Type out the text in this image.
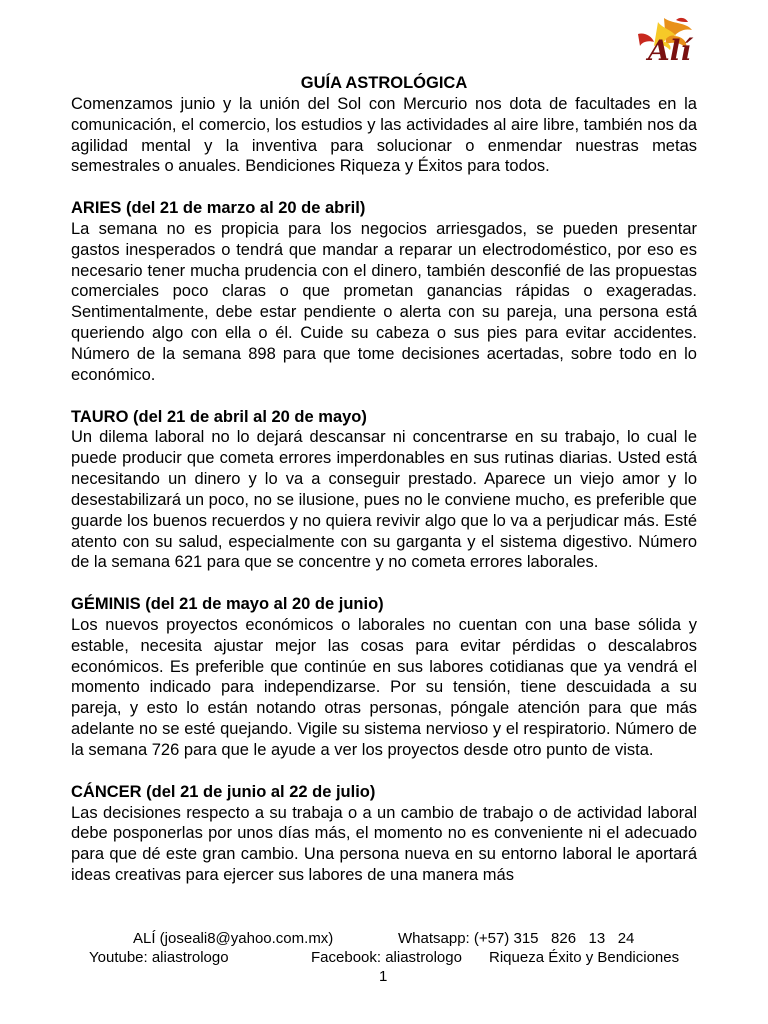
Alí

GUÍA ASTROLÓGICA

Comenzamos junio y la unión del Sol con Mercurio nos dota de facultades en la comunicación, el comercio, los estudios y las actividades al aire libre, también nos da agilidad mental y la inventiva para solucionar o enmendar nuestras metas semestrales o anuales. Bendiciones Riqueza y Éxitos para todos.

ARIES (del 21 de marzo al 20 de abril)

La semana no es propicia para los negocios arriesgados, se pueden presentar gastos inesperados o tendrá que mandar a reparar un electrodoméstico, por eso es necesario tener mucha prudencia con el dinero, también desconfié de las propuestas comerciales poco claras o que prometan ganancias rápidas o exageradas. Sentimentalmente, debe estar pendiente o alerta con su pareja, una persona está queriendo algo con ella o él. Cuide su cabeza o sus pies para evitar accidentes. Número de la semana 898 para que tome decisiones acertadas, sobre todo en lo económico.

TAURO (del 21 de abril al 20 de mayo)

Un dilema laboral no lo dejará descansar ni concentrarse en su trabajo, lo cual le puede producir que cometa errores imperdonables en sus rutinas diarias. Usted está necesitando un dinero y lo va a conseguir prestado. Aparece un viejo amor y lo desestabilizará un poco, no se ilusione, pues no le conviene mucho, es preferible que guarde los buenos recuerdos y no quiera revivir algo que lo va a perjudicar más. Esté atento con su salud, especialmente con su garganta y el sistema digestivo. Número de la semana 621 para que se concentre y no cometa errores laborales.

GÉMINIS (del 21 de mayo al 20 de junio)

Los nuevos proyectos económicos o laborales no cuentan con una base sólida y estable, necesita ajustar mejor las cosas para evitar pérdidas o descalabros económicos. Es preferible que continúe en sus labores cotidianas que ya vendrá el momento indicado para independizarse. Por su tensión, tiene descuidada a su pareja, y esto lo están notando otras personas, póngale atención para que más adelante no se esté quejando. Vigile su sistema nervioso y el respiratorio. Número de la semana 726 para que le ayude a ver los proyectos desde otro punto de vista.

CÁNCER (del 21 de junio al 22 de julio)

Las decisiones respecto a su trabaja o a un cambio de trabajo o de actividad laboral debe posponerlas por unos días más, el momento no es conveniente ni el adecuado para que dé este gran cambio. Una persona nueva en su entorno laboral le aportará ideas creativas para ejercer sus labores de una manera más

ALÍ (joseali8@yahoo.com.mx)	Whatsapp: (+57) 315   826   13   24
Youtube: aliastrologo	Facebook: aliastrologo Riqueza Éxito y Bendiciones
1
